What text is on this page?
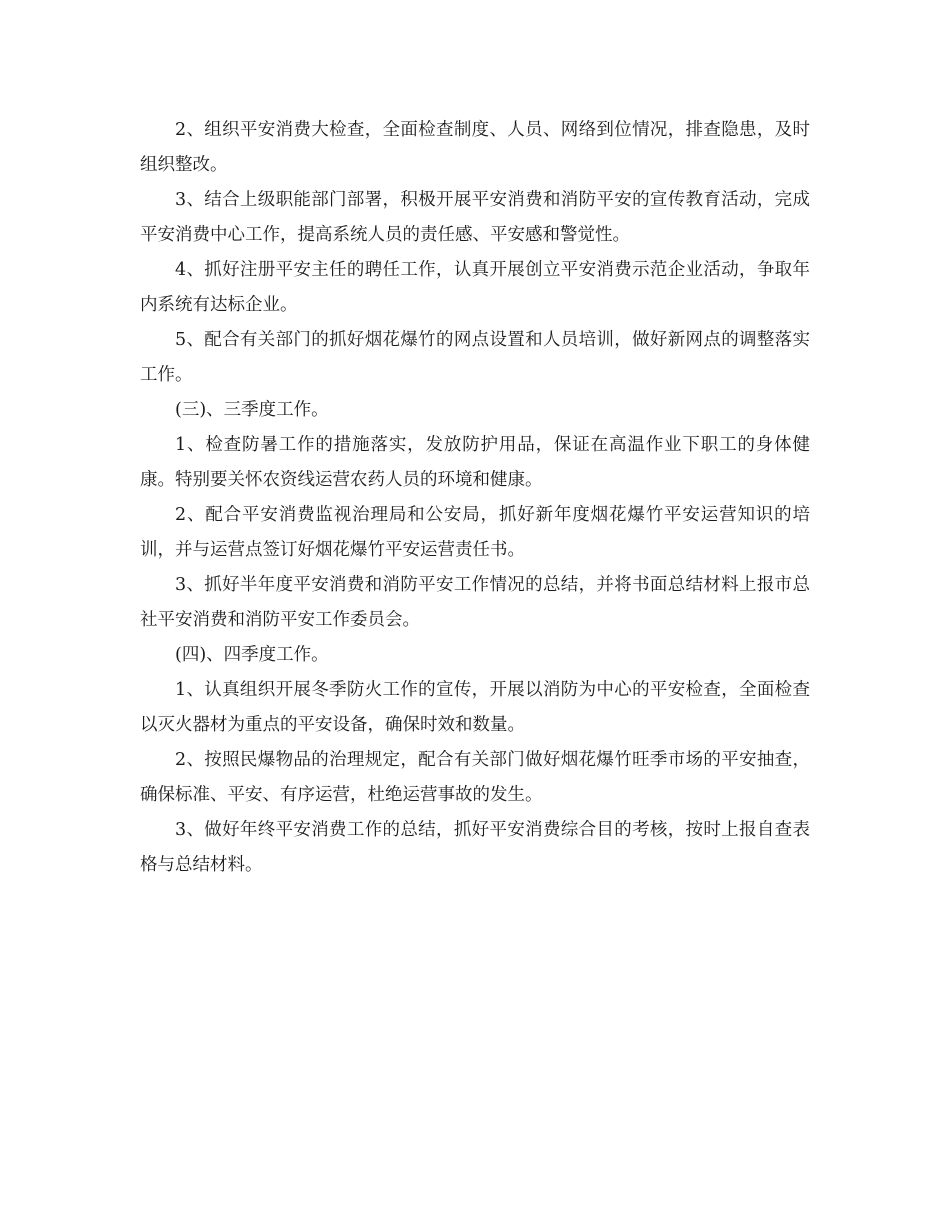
2、组织平安消费大检查，全面检查制度、人员、网络到位情况，排查隐患，及时组织整改。

3、结合上级职能部门部署，积极开展平安消费和消防平安的宣传教育活动，完成平安消费中心工作，提高系统人员的责任感、平安感和警觉性。

4、抓好注册平安主任的聘任工作，认真开展创立平安消费示范企业活动，争取年内系统有达标企业。

5、配合有关部门的抓好烟花爆竹的网点设置和人员培训，做好新网点的调整落实工作。

(三)、三季度工作。

1、检查防暑工作的措施落实，发放防护用品，保证在高温作业下职工的身体健康。特别要关怀农资线运营农药人员的环境和健康。

2、配合平安消费监视治理局和公安局，抓好新年度烟花爆竹平安运营知识的培训，并与运营点签订好烟花爆竹平安运营责任书。

3、抓好半年度平安消费和消防平安工作情况的总结，并将书面总结材料上报市总社平安消费和消防平安工作委员会。

(四)、四季度工作。

1、认真组织开展冬季防火工作的宣传，开展以消防为中心的平安检查，全面检查以灭火器材为重点的平安设备，确保时效和数量。

2、按照民爆物品的治理规定，配合有关部门做好烟花爆竹旺季市场的平安抽查，确保标准、平安、有序运营，杜绝运营事故的发生。

3、做好年终平安消费工作的总结，抓好平安消费综合目的考核，按时上报自查表格与总结材料。
